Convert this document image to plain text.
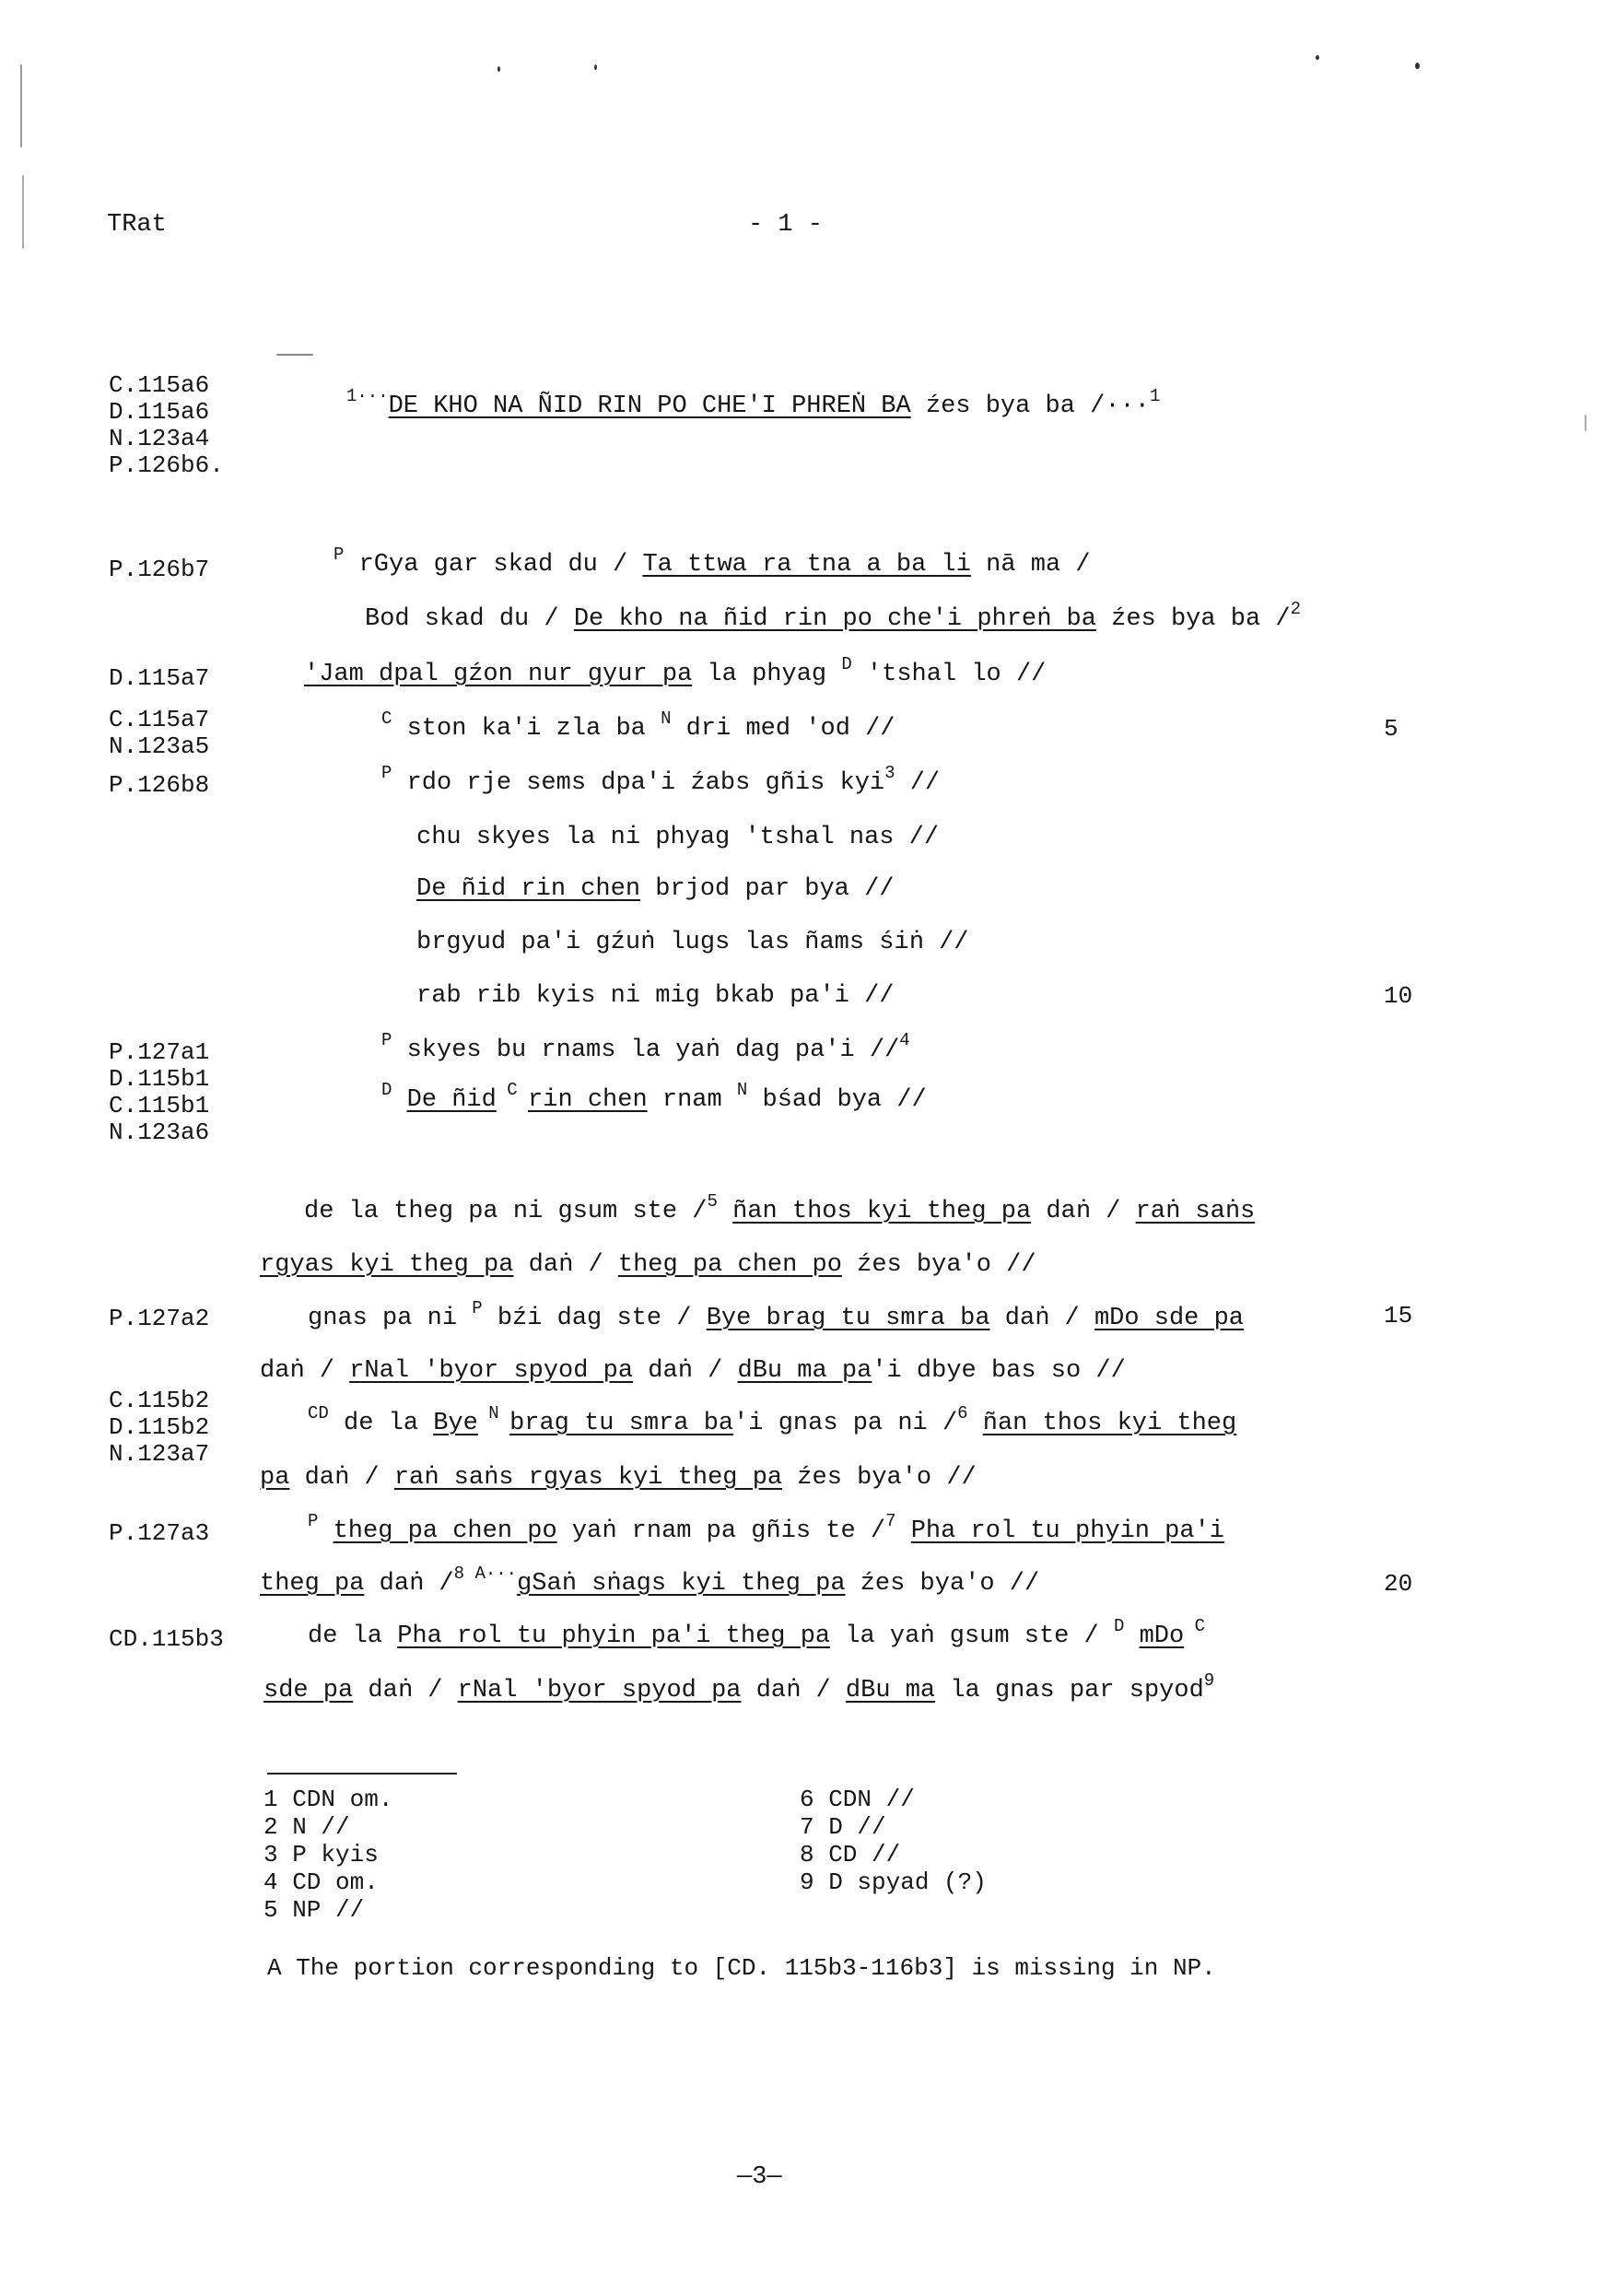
TRat	- 1 -
C.115a6
D.115a6
N.123a4
P.126b6.
P.126b7
D.115a7
C.115a7
N.123a5
P.126b8
P.127a1
D.115b1
C.115b1
N.123a6
P.127a2
C.115b2
D.115b2
N.123a7
P.127a3
CD.115b3
$^{1\cdot\cdot\cdot}$DE KHO NA ÑID RIN PO CHE'I PHREṄ BA źes bya ba /···$^1$
$^P$ rGya gar skad du / Ta ttwa ra tna a ba li nā ma /
Bod skad du / De kho na ñid rin po che'i phreṅ ba źes bya ba /$^2$
'Jam dpal gźon nur gyur pa la phyag $^D$ 'tshal lo //
$^C$ ston ka'i zla ba $^N$ dri med 'od //
$^P$ rdo rje sems dpa'i źabs gñis kyi$^3$ //
chu skyes la ni phyag 'tshal nas //
De ñid rin chen brjod par bya //
brgyud pa'i gźuṅ lugs las ñams śiṅ //
rab rib kyis ni mig bkab pa'i //
$^P$ skyes bu rnams la yaṅ dag pa'i //$^4$
$^D$ De ñid $^C$ rin chen rnam $^N$ bśad bya //
de la theg pa ni gsum ste /$^5$ ñan thos kyi theg pa daṅ / raṅ saṅs
rgyas kyi theg pa daṅ / theg pa chen po źes bya'o //
gnas pa ni $^P$ bźi dag ste / Bye brag tu smra ba daṅ / mDo sde pa
daṅ / rNal 'byor spyod pa daṅ / dBu ma pa'i dbye bas so //
$^{CD}$ de la Bye $^N$ brag tu smra ba'i gnas pa ni /$^6$ ñan thos kyi theg
pa daṅ / raṅ saṅs rgyas kyi theg pa źes bya'o //
$^P$ theg pa chen po yaṅ rnam pa gñis te /$^7$ Pha rol tu phyin pa'i
theg pa daṅ /$^8$ $^{A\cdot\cdot\cdot}$gSaṅ sṅags kyi theg pa źes bya'o //
de la Pha rol tu phyin pa'i theg pa la yaṅ gsum ste / $^D$ mDo $^C$
sde pa daṅ / rNal 'byor spyod pa daṅ / dBu ma la gnas par spyod$^9$
5
10
15
20
1 CDN om.
2 N //
3 P kyis
4 CD om.
5 NP //
6 CDN //
7 D //
8 CD //
9 D spyad (?)
A The portion corresponding to [CD. 115b3-116b3] is missing in NP.
—3—
